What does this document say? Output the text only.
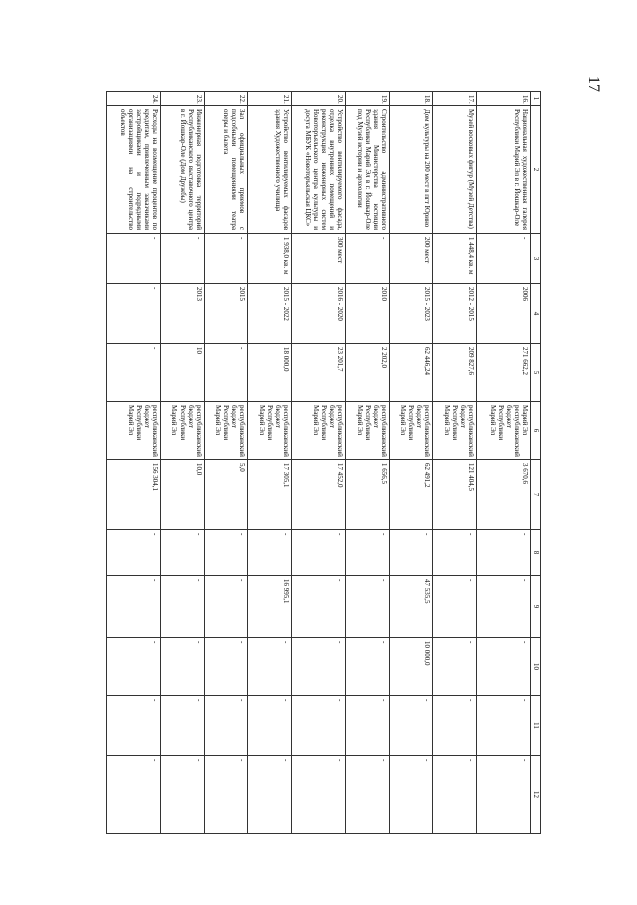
17
1	2	3	4	5	6	7	8	9	10	11	12
16.	Национальная художественная галерея Республики Марий Эл в г. Йошкар-Оле	-	2006	271 662,2	Марий Эл республиканский бюджет Республики Марий Эл	3 670,6	-	-	-	-	-
17.	Музей восковых фигур (Музей Детства)	1 448,4 кв. м	2012 - 2015	209 827,6	республиканский бюджет Республики Марий Эл	121 404,5	-	-	-	-	-
18.	Дом культуры на 200 мест в пгт Юрино	200 мест	2015 - 2023	62 446,24	республиканский бюджет Республики Марий Эл	62 491,2	-	47 535,5	10 000,0	-	-
19.	Строительство административного здания Министерства юстиции Республики Марий Эл в г. Йошкар-Оле под Музей истории и археологии	-	2010	2 202,0	республиканский бюджет Республики Марий Эл	1 656,5	-	-	-	-	-
20.	Устройство вентилируемого фасада, отделка внутренних помещений и реконструкция инженерных систем Новоторъяльского центра культуры и досуга МБУК «Новоторъяльская ЦКС»	300 мест	2016 - 2020	23 201,7	республиканский бюджет Республики Марий Эл	17 452,0	-	-	-	-	-
21.	Устройство вентилируемых фасадов здания Художественного училища	1 938,0 кв. м	2015 - 2022	18 000,0	республиканский бюджет Республики Марий Эл	17 305,1	-	16 995,1	-	-	-
22.	Зал официальных приемов с подсобными помещениями театра оперы и балета	-	2015	-	республиканский бюджет Республики Марий Эл	5,0	-	-	-	-	-
23.	Инженерная подготовка территорий Республиканского выставочного центра в г. Йошкар-Оле (Дом Дружбы)	-	2013	10	республиканский бюджет Республики Марий Эл	10,0	-	-	-	-	-
24.	Расходы на возмещение процентов по кредитам, привлеченным заказчиками застройщиками и подрядными организациями на строительство объектов	-	-	-	республиканский бюджет Республики Марий Эл	156 304,1	-	-	-	-	-
